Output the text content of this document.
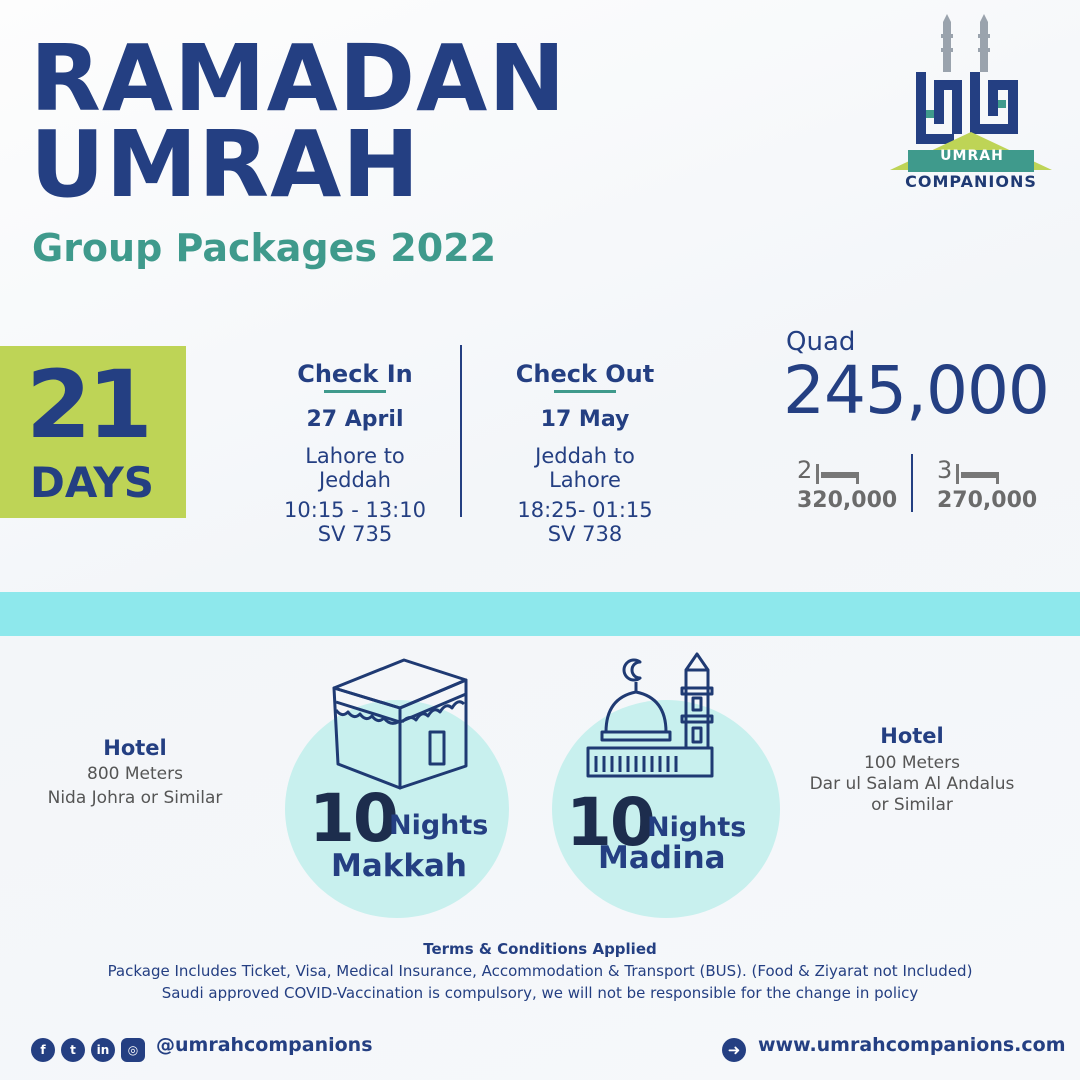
RAMADAN
UMRAH
Group Packages 2022
UMRAH
COMPANIONS
21
DAYS
Check In
27 April
Lahore to
Jeddah
10:15 - 13:10
SV 735
Check Out
17 May
Jeddah to
Lahore
18:25- 01:15
SV 738
Quad
245,000
2
320,000
3
270,000
Hotel
800 Meters
Nida Johra or Similar 10
Nights
Makkah
10
Nights
Madina
Hotel
100 Meters
Dar ul Salam Al Andalus
or Similar
Terms & Conditions Applied
Package Includes Ticket, Visa, Medical Insurance, Accommodation & Transport (BUS). (Food & Ziyarat not Included)
Saudi approved COVID-Vaccination is compulsory, we will not be responsible for the change in policy
f	t	in	◎ @umrahcompanions	➜ www.umrahcompanions.com
